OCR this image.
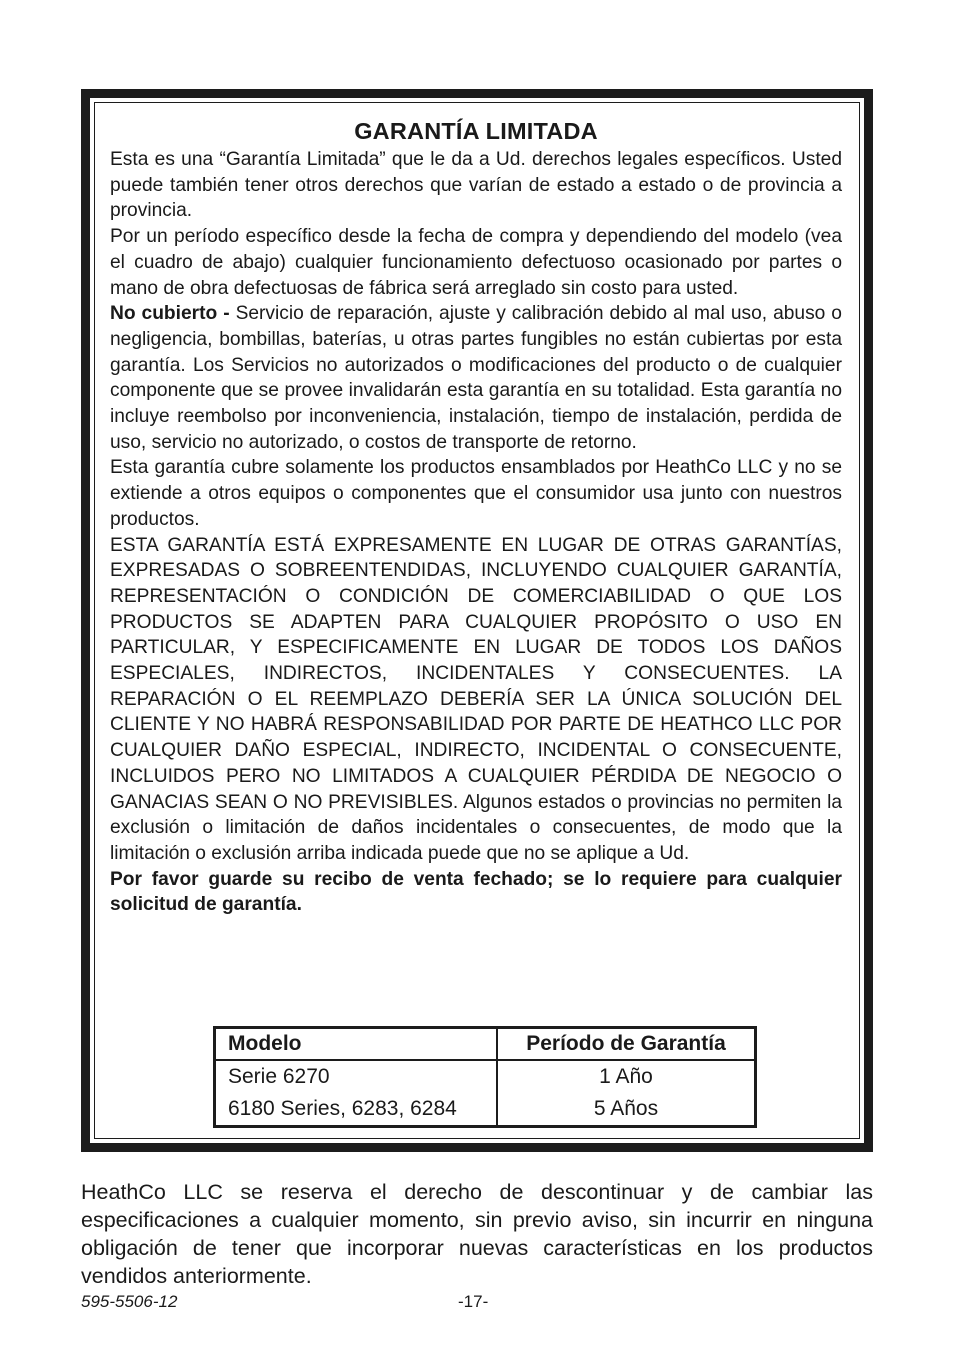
GARANTÍA LIMITADA

Esta es una “Garantía Limitada” que le da a Ud. derechos legales específicos. Usted puede también tener otros derechos que varían de estado a estado o de provincia a provincia.

Por un período específico desde la fecha de compra y dependiendo del modelo (vea el cuadro de abajo) cualquier funcionamiento defectuoso ocasionado por partes o mano de obra defectuosas de fábrica será arreglado sin costo para usted.

No cubierto - Servicio de reparación, ajuste y calibración debido al mal uso, abuso o negligencia, bombillas, baterías, u otras partes fungibles no están cubiertas por esta garantía. Los Servicios no autorizados o modificaciones del producto o de cualquier componente que se provee invalidarán esta garantía en su totalidad. Esta garantía no incluye reembolso por inconveniencia, instalación, tiempo de instalación, perdida de uso, servicio no autorizado, o costos de transporte de retorno.

Esta garantía cubre solamente los productos ensamblados por HeathCo LLC y no se extiende a otros equipos o componentes que el consumidor usa junto con nuestros productos.

ESTA GARANTÍA ESTÁ EXPRESAMENTE EN LUGAR DE OTRAS GARANTÍAS, EXPRESADAS O SOBREENTENDIDAS, INCLUYENDO CUALQUIER GARANTÍA, REPRESENTACIÓN O CONDICIÓN DE COMERCIABILIDAD O QUE LOS PRODUCTOS SE ADAPTEN PARA CUALQUIER PROPÓSITO O USO EN PARTICULAR, Y ESPECIFICAMENTE EN LUGAR DE TODOS LOS DAÑOS ESPECIALES, INDIRECTOS, INCIDENTALES Y CONSECUENTES. LA REPARACIÓN O EL REEMPLAZO DEBERÍA SER LA ÚNICA SOLUCIÓN DEL CLIENTE Y NO HABRÁ RESPONSABILIDAD POR PARTE DE HEATHCO LLC POR CUALQUIER DAÑO ESPECIAL, INDIRECTO, INCIDENTAL O CONSECUENTE, INCLUIDOS PERO NO LIMITADOS A CUALQUIER PÉRDIDA DE NEGOCIO O GANACIAS SEAN O NO PREVISIBLES. Algunos estados o provincias no permiten la exclusión o limitación de daños incidentales o consecuentes, de modo que la limitación o exclusión arriba indicada puede que no se aplique a Ud.

Por favor guarde su recibo de venta fechado; se lo requiere para cualquier solicitud de garantía.

Modelo	Período de Garantía
Serie 6270	1 Año
6180 Series, 6283, 6284	5 Años

HeathCo LLC se reserva el derecho de descontinuar y de cambiar las especificaciones a cualquier momento, sin previo aviso, sin incurrir en ninguna obligación de tener que incorporar nuevas características en los productos vendidos anteriormente.

595-5506-12	-17-
